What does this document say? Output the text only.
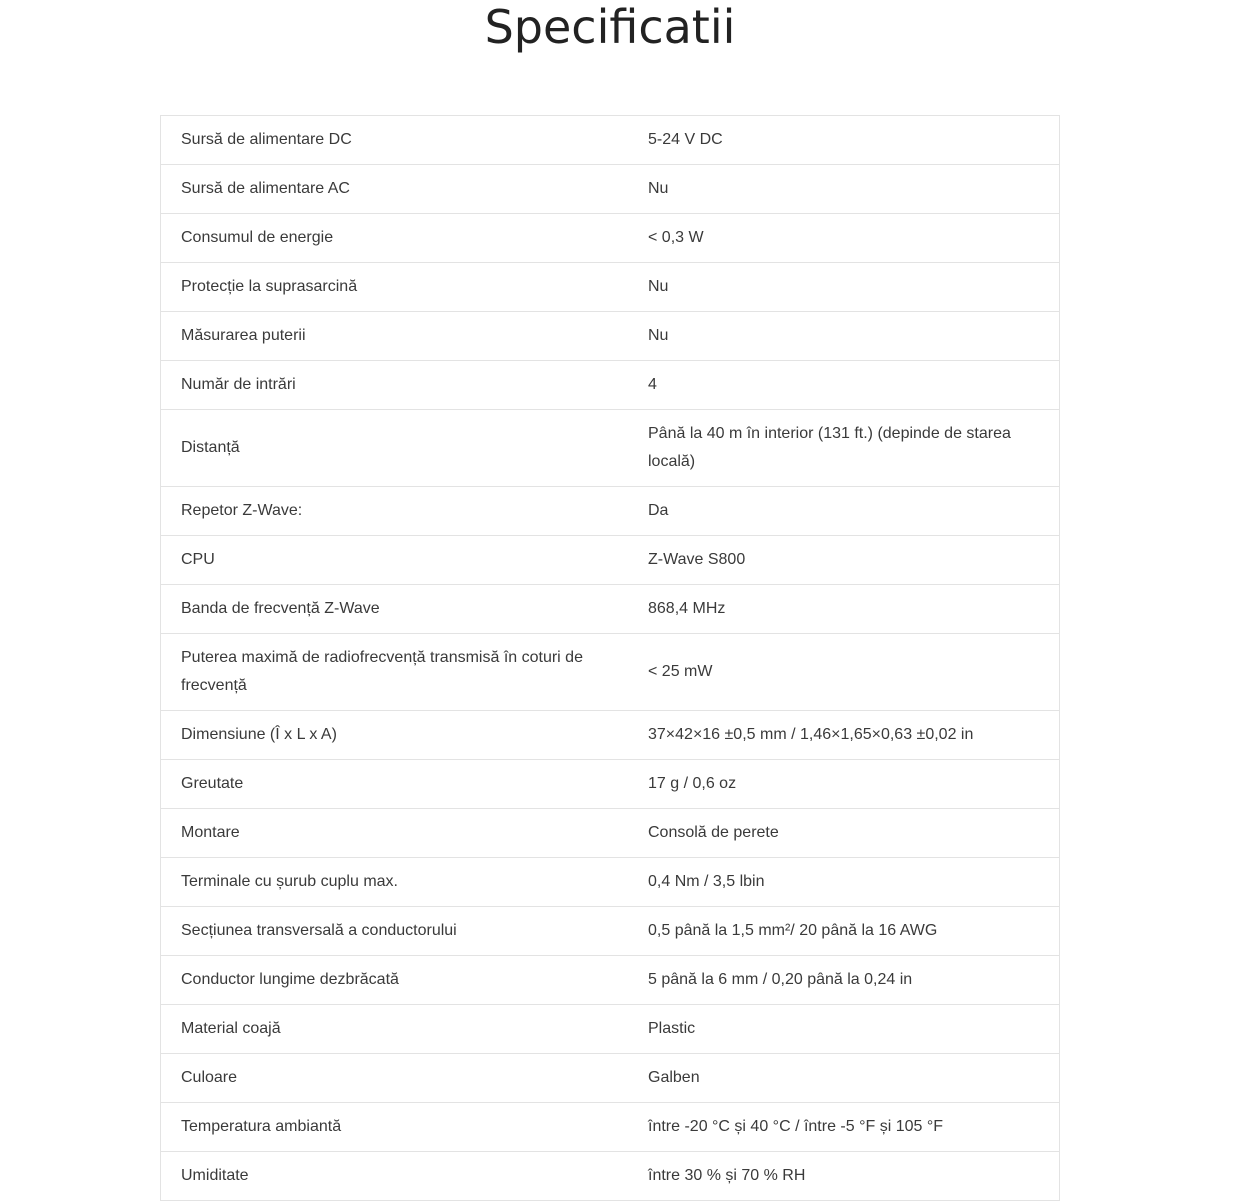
Specificatii
Sursă de alimentare DC	5-24 V DC
Sursă de alimentare AC	Nu
Consumul de energie	< 0,3 W
Protecție la suprasarcină	Nu
Măsurarea puterii	Nu
Număr de intrări	4
Distanță	Până la 40 m în interior (131 ft.) (depinde de starea locală)
Repetor Z-Wave:	Da
CPU	Z-Wave S800
Banda de frecvență Z-Wave	868,4 MHz
Puterea maximă de radiofrecvență transmisă în coturi de frecvență	< 25 mW
Dimensiune (Î x L x A)	37×42×16 ±0,5 mm / 1,46×1,65×0,63 ±0,02 in
Greutate	17 g / 0,6 oz
Montare	Consolă de perete
Terminale cu șurub cuplu max.	0,4 Nm / 3,5 lbin
Secțiunea transversală a conductorului	0,5 până la 1,5 mm²/ 20 până la 16 AWG
Conductor lungime dezbrăcată	5 până la 6 mm / 0,20 până la 0,24 in
Material coajă	Plastic
Culoare	Galben
Temperatura ambiantă	între -20 °C și 40 °C / între -5 °F și 105 °F
Umiditate	între 30 % și 70 % RH
